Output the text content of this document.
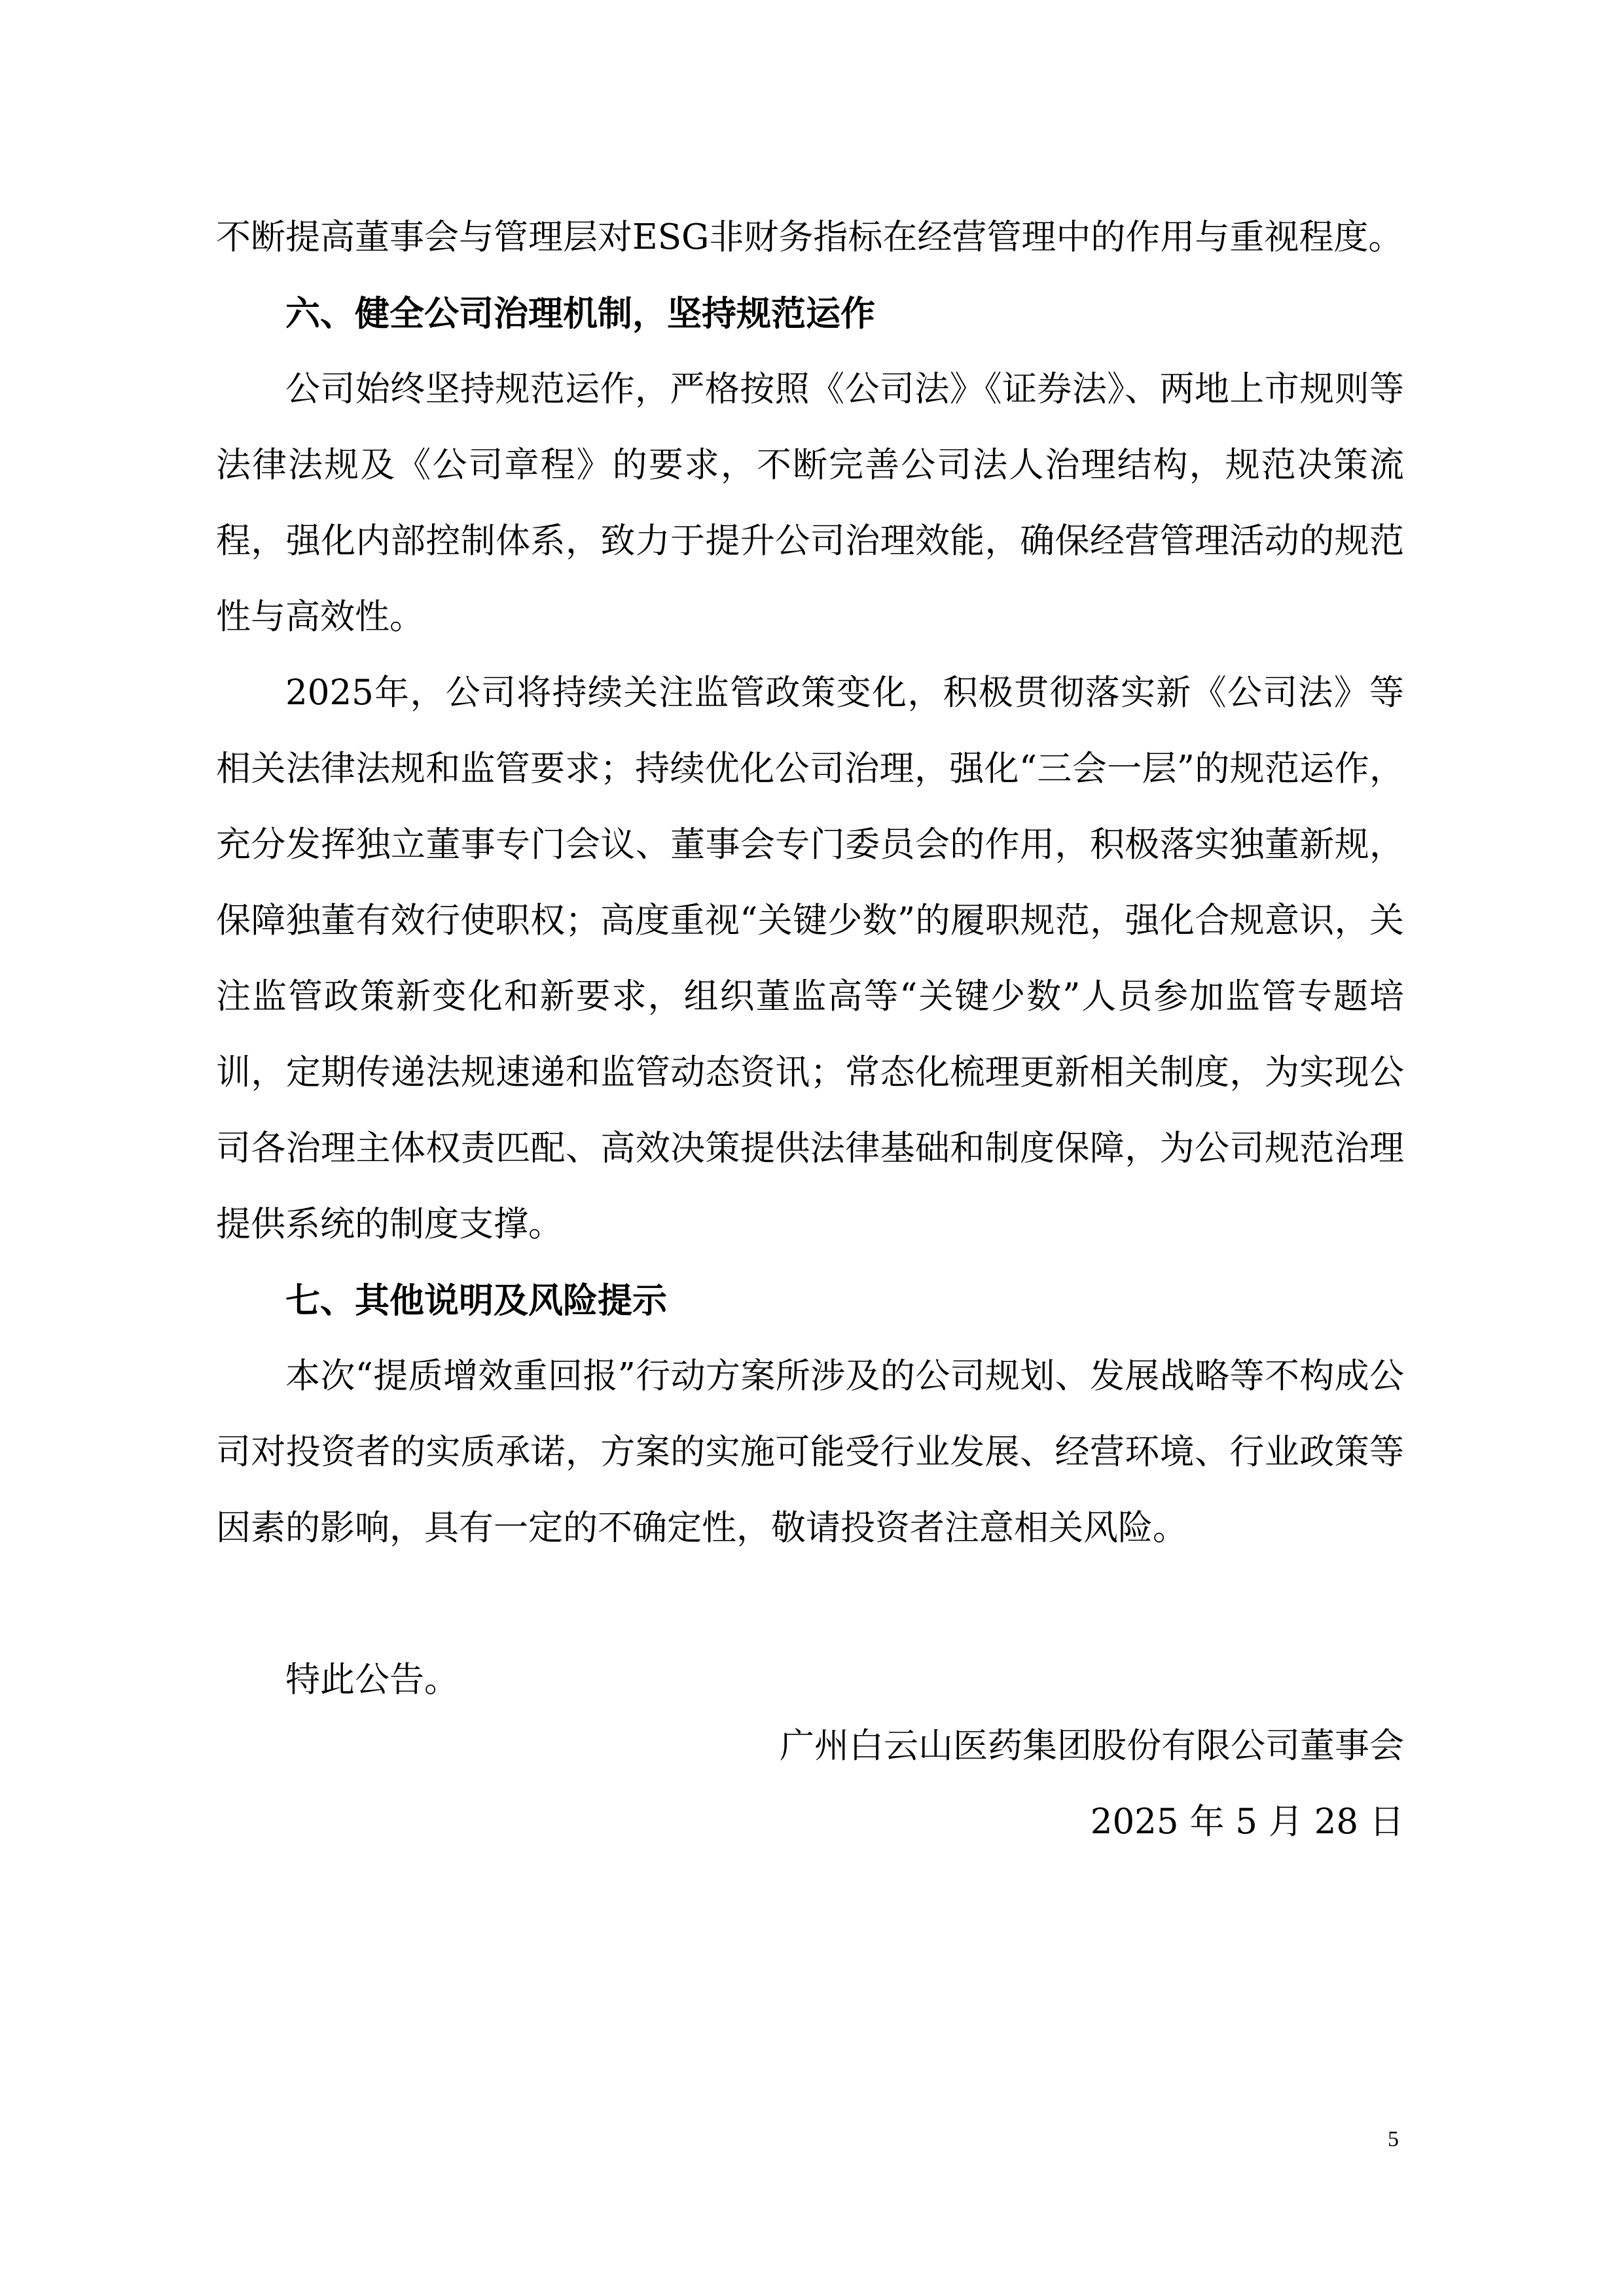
不断提高董事会与管理层对ESG非财务指标在经营管理中的作用与重视程度。

六、健全公司治理机制，坚持规范运作

公司始终坚持规范运作，严格按照《公司法》《证券法》、两地上市规则等法律法规及《公司章程》的要求，不断完善公司法人治理结构，规范决策流程，强化内部控制体系，致力于提升公司治理效能，确保经营管理活动的规范性与高效性。

2025年，公司将持续关注监管政策变化，积极贯彻落实新《公司法》等相关法律法规和监管要求；持续优化公司治理，强化“三会一层”的规范运作，充分发挥独立董事专门会议、董事会专门委员会的作用，积极落实独董新规，保障独董有效行使职权；高度重视“关键少数”的履职规范，强化合规意识，关注监管政策新变化和新要求，组织董监高等“关键少数”人员参加监管专题培训，定期传递法规速递和监管动态资讯；常态化梳理更新相关制度，为实现公司各治理主体权责匹配、高效决策提供法律基础和制度保障，为公司规范治理提供系统的制度支撑。

七、其他说明及风险提示

本次“提质增效重回报”行动方案所涉及的公司规划、发展战略等不构成公司对投资者的实质承诺，方案的实施可能受行业发展、经营环境、行业政策等因素的影响，具有一定的不确定性，敬请投资者注意相关风险。

特此公告。

广州白云山医药集团股份有限公司董事会
2025 年 5 月 28 日
5
